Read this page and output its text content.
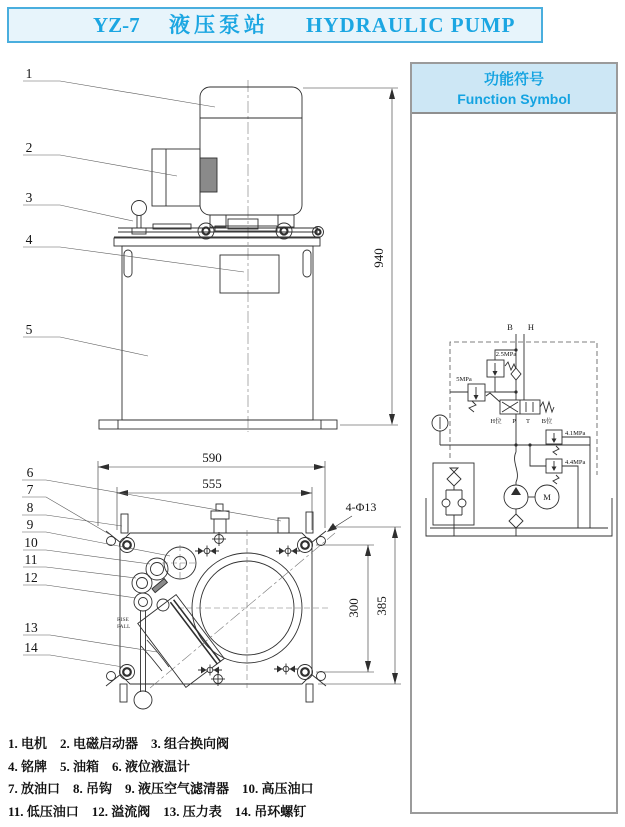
功能符号
Function Symbol
1
2
3
4
5
940
6
7
8
9
10
11
12
13
14
590
555
4-Φ13
300 385
RISE
FALL
B H
2.5MPa
5MPa
4.1MPa
4.4MPa
H位 P T B位
M
YZ-7 液压泵站 HYDRAULIC PUMP
1. 电机    2. 电磁启动器    3. 组合换向阀
4. 铭牌    5. 油箱    6. 液位液温计
7. 放油口    8. 吊钩    9. 液压空气滤清器    10. 高压油口
11. 低压油口    12. 溢流阀    13. 压力表    14. 吊环螺钉
